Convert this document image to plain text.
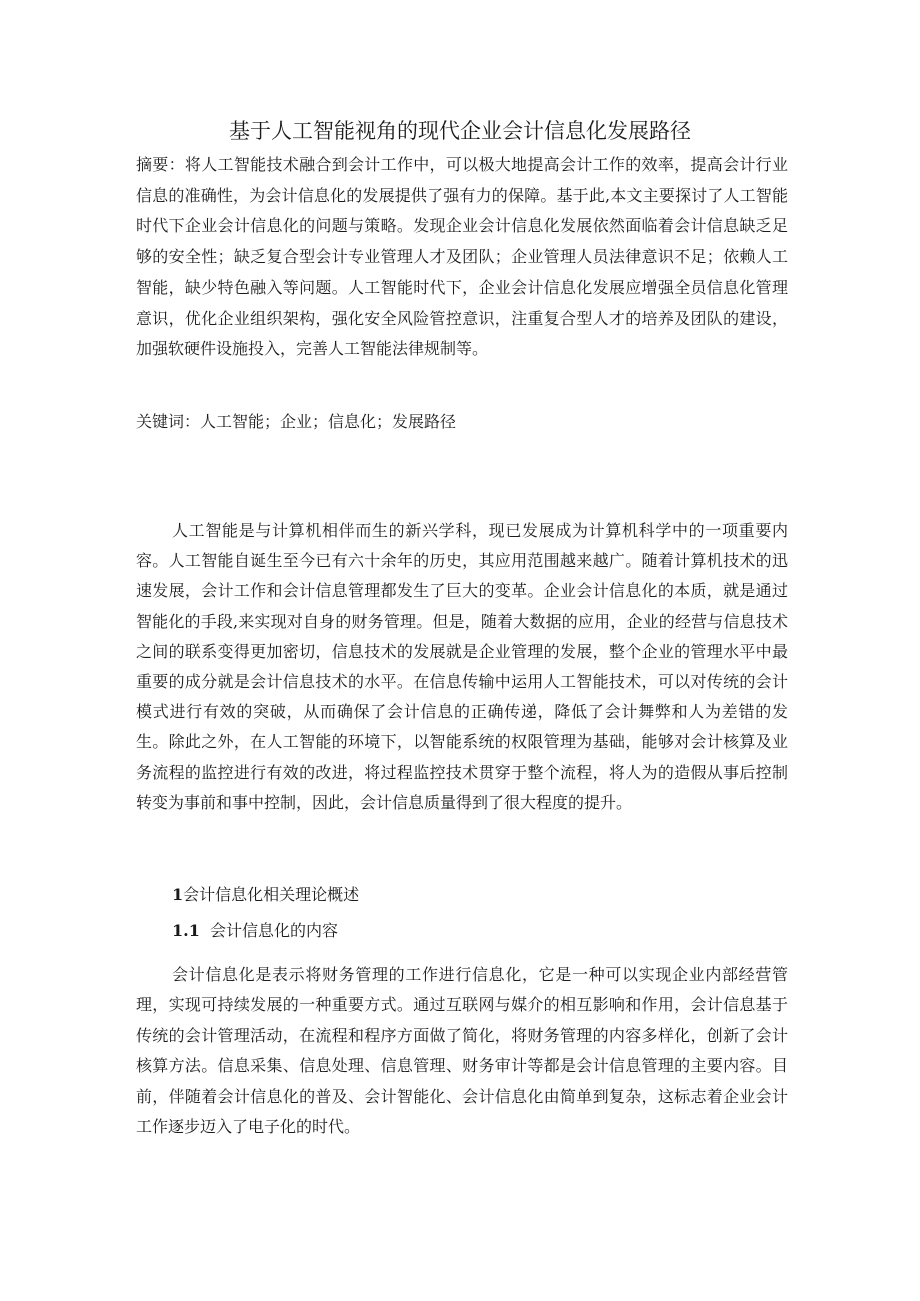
基于人工智能视角的现代企业会计信息化发展路径

摘要：将人工智能技术融合到会计工作中，可以极大地提高会计工作的效率，提高会计行业信息的准确性，为会计信息化的发展提供了强有力的保障。基于此,本文主要探讨了人工智能时代下企业会计信息化的问题与策略。发现企业会计信息化发展依然面临着会计信息缺乏足够的安全性；缺乏复合型会计专业管理人才及团队；企业管理人员法律意识不足；依赖人工智能，缺少特色融入等问题。人工智能时代下，企业会计信息化发展应增强全员信息化管理意识，优化企业组织架构，强化安全风险管控意识，注重复合型人才的培养及团队的建设，加强软硬件设施投入，完善人工智能法律规制等。

关键词：人工智能；企业；信息化；发展路径

人工智能是与计算机相伴而生的新兴学科，现已发展成为计算机科学中的一项重要内容。人工智能自诞生至今已有六十余年的历史，其应用范围越来越广。随着计算机技术的迅速发展，会计工作和会计信息管理都发生了巨大的变革。企业会计信息化的本质，就是通过智能化的手段,来实现对自身的财务管理。但是，随着大数据的应用，企业的经营与信息技术之间的联系变得更加密切，信息技术的发展就是企业管理的发展，整个企业的管理水平中最重要的成分就是会计信息技术的水平。在信息传输中运用人工智能技术，可以对传统的会计模式进行有效的突破，从而确保了会计信息的正确传递，降低了会计舞弊和人为差错的发生。除此之外，在人工智能的环境下，以智能系统的权限管理为基础，能够对会计核算及业务流程的监控进行有效的改进，将过程监控技术贯穿于整个流程，将人为的造假从事后控制转变为事前和事中控制，因此，会计信息质量得到了很大程度的提升。

1会计信息化相关理论概述
1.1 会计信息化的内容

会计信息化是表示将财务管理的工作进行信息化，它是一种可以实现企业内部经营管理，实现可持续发展的一种重要方式。通过互联网与媒介的相互影响和作用，会计信息基于传统的会计管理活动，在流程和程序方面做了简化，将财务管理的内容多样化，创新了会计核算方法。信息采集、信息处理、信息管理、财务审计等都是会计信息管理的主要内容。目前，伴随着会计信息化的普及、会计智能化、会计信息化由简单到复杂，这标志着企业会计工作逐步迈入了电子化的时代。
